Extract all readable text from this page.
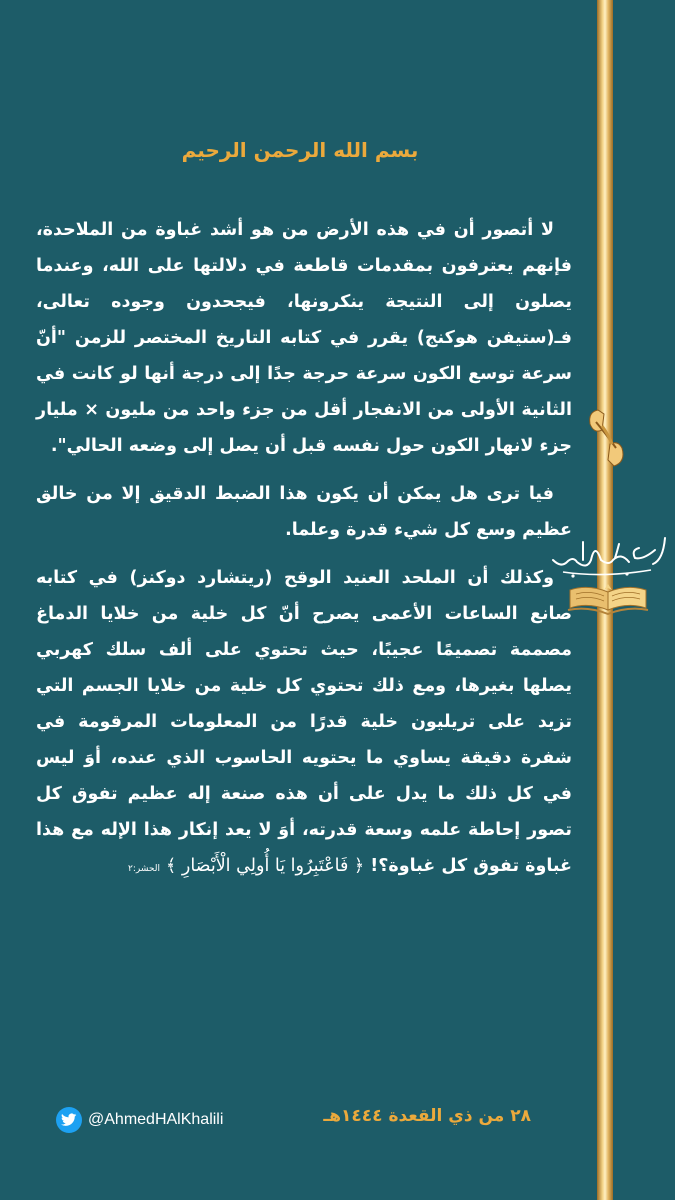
بسم الله الرحمن الرحيم

لا أتصور أن في هذه الأرض من هو أشد غباوة من الملاحدة، فإنهم يعترفون بمقدمات قاطعة في دلالتها على الله، وعندما يصلون إلى النتيجة ينكرونها، فيجحدون وجوده تعالى، فـ(ستيفن هوكنج) يقرر في كتابه التاريخ المختصر للزمن "أنّ سرعة توسع الكون سرعة حرجة جدًا إلى درجة أنها لو كانت في الثانية الأولى من الانفجار أقل من جزء واحد من مليون × مليار جزء لانهار الكون حول نفسه قبل أن يصل إلى وضعه الحالي".

فيا ترى هل يمكن أن يكون هذا الضبط الدقيق إلا من خالق عظيم وسع كل شيء قدرة وعلما.

وكذلك أن الملحد العنيد الوقح (ريتشارد دوكنز) في كتابه صانع الساعات الأعمى يصرح أنّ كل خلية من خلايا الدماغ مصممة تصميمًا عجيبًا، حيث تحتوي على ألف سلك كهربي يصلها بغيرها، ومع ذلك تحتوي كل خلية من خلايا الجسم التي تزيد على تريليون خلية قدرًا من المعلومات المرقومة في شفرة دقيقة يساوي ما يحتويه الحاسوب الذي عنده، أوَ ليس في كل ذلك ما يدل على أن هذه صنعة إله عظيم تفوق كل تصور إحاطة علمه وسعة قدرته، أوَ لا يعد إنكار هذا الإله مع هذا غباوة تفوق كل غباوة؟! ﴿ فَاعْتَبِرُوا يَا أُولِي الْأَبْصَارِ ﴾ الحشر:٢

@AhmedHAlKhalili	٢٨ من ذي القعدة ١٤٤٤هـ
